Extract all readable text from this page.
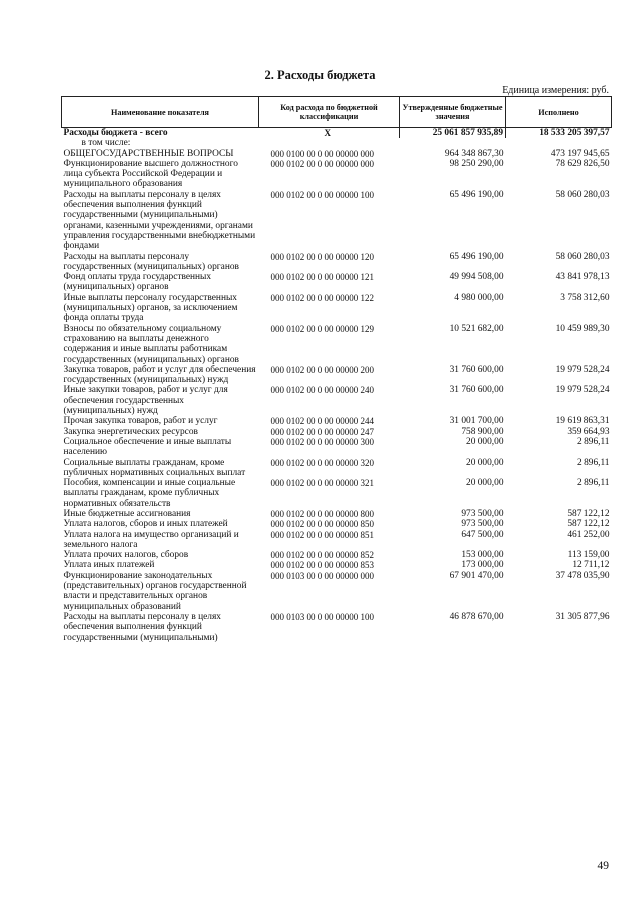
2. Расходы бюджета
Единица измерения: руб.
Наименование показателя	Код расхода по бюджетной классификации	Утвержденные бюджетные значения	Исполнено
Расходы бюджета - всего	X	25 061 857 935,89	18 533 205 397,57
в том числе:			
ОБЩЕГОСУДАРСТВЕННЫЕ ВОПРОСЫ	000 0100 00 0 00 00000 000	964 348 867,30	473 197 945,65
Функционирование высшего должностного лица субъекта Российской Федерации и муниципального образования	000 0102 00 0 00 00000 000	98 250 290,00	78 629 826,50
Расходы на выплаты персоналу в целях обеспечения выполнения функций государственными (муниципальными) органами, казенными учреждениями, органами управления государственными внебюджетными фондами	000 0102 00 0 00 00000 100	65 496 190,00	58 060 280,03
Расходы на выплаты персоналу государственных (муниципальных) органов	000 0102 00 0 00 00000 120	65 496 190,00	58 060 280,03
Фонд оплаты труда государственных (муниципальных) органов	000 0102 00 0 00 00000 121	49 994 508,00	43 841 978,13
Иные выплаты персоналу государственных (муниципальных) органов, за исключением фонда оплаты труда	000 0102 00 0 00 00000 122	4 980 000,00	3 758 312,60
Взносы по обязательному социальному страхованию на выплаты денежного содержания и иные выплаты работникам государственных (муниципальных) органов	000 0102 00 0 00 00000 129	10 521 682,00	10 459 989,30
Закупка товаров, работ и услуг для обеспечения государственных (муниципальных) нужд	000 0102 00 0 00 00000 200	31 760 600,00	19 979 528,24
Иные закупки товаров, работ и услуг для обеспечения государственных (муниципальных) нужд	000 0102 00 0 00 00000 240	31 760 600,00	19 979 528,24
Прочая закупка товаров, работ и услуг	000 0102 00 0 00 00000 244	31 001 700,00	19 619 863,31
Закупка энергетических ресурсов	000 0102 00 0 00 00000 247	758 900,00	359 664,93
Социальное обеспечение и иные выплаты населению	000 0102 00 0 00 00000 300	20 000,00	2 896,11
Социальные выплаты гражданам, кроме публичных нормативных социальных выплат	000 0102 00 0 00 00000 320	20 000,00	2 896,11
Пособия, компенсации и иные социальные выплаты гражданам, кроме публичных нормативных обязательств	000 0102 00 0 00 00000 321	20 000,00	2 896,11
Иные бюджетные ассигнования	000 0102 00 0 00 00000 800	973 500,00	587 122,12
Уплата налогов, сборов и иных платежей	000 0102 00 0 00 00000 850	973 500,00	587 122,12
Уплата налога на имущество организаций и земельного налога	000 0102 00 0 00 00000 851	647 500,00	461 252,00
Уплата прочих налогов, сборов	000 0102 00 0 00 00000 852	153 000,00	113 159,00
Уплата иных платежей	000 0102 00 0 00 00000 853	173 000,00	12 711,12
Функционирование законодательных (представительных) органов государственной власти и представительных органов муниципальных образований	000 0103 00 0 00 00000 000	67 901 470,00	37 478 035,90
Расходы на выплаты персоналу в целях обеспечения выполнения функций государственными (муниципальными)	000 0103 00 0 00 00000 100	46 878 670,00	31 305 877,96
49
